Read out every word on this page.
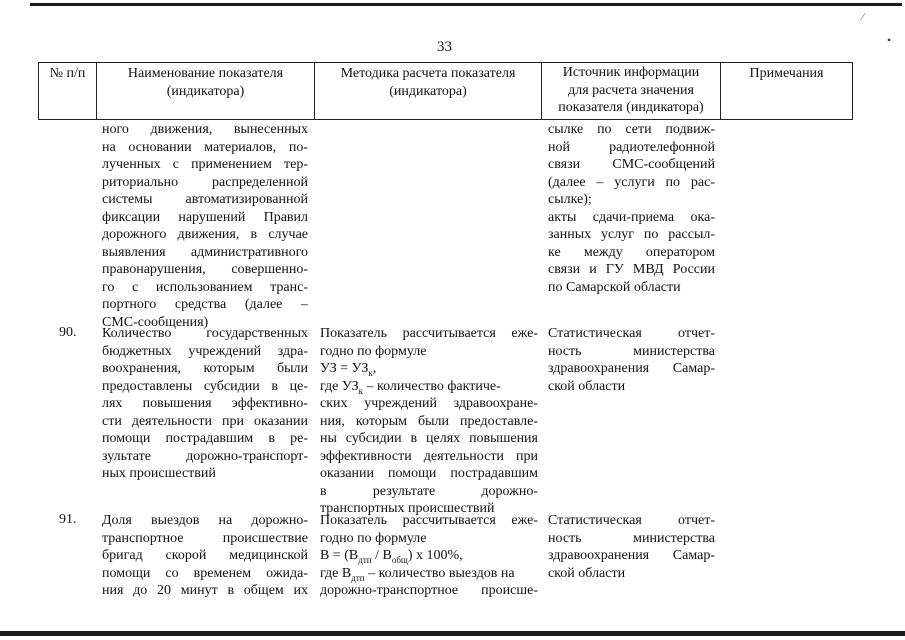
33
⁄
•
№ п/п	Наименование показателя
(индикатора)
Методика расчета показателя
(индикатора)
Источник информации
для расчета значения
показателя (индикатора)
Примечания
ного движения, вынесенных
на основании материалов, по-
лученных с применением тер-
риториально распределенной
системы автоматизированной
фиксации нарушений Правил
дорожного движения, в случае
выявления административного
правонарушения, совершенно-
го с использованием транс-
портного средства (далее –
СМС-сообщения)
сылке по сети подвиж-
ной радиотелефонной
связи СМС-сообщений
(далее – услуги по рас-
сылке);
акты сдачи-приема ока-
занных услуг по рассыл-
ке между оператором
связи и ГУ МВД России
по Самарской области
90. Количество государственных
бюджетных учреждений здра-
воохранения, которым были
предоставлены субсидии в це-
лях повышения эффективно-
сти деятельности при оказании
помощи пострадавшим в ре-
зультате дорожно-транспорт-
ных происшествий
Показатель рассчитывается еже-
годно по формуле
УЗ = $УЗ_к$,
где $УЗ_к$ – количество фактиче-
ских учреждений здравоохране-
ния, которым были предоставле-
ны субсидии в целях повышения
эффективности деятельности при
оказании помощи пострадавшим
в результате дорожно-
транспортных происшествий
Статистическая отчет-
ность министерства
здравоохранения Самар-
ской области
91. Доля выездов на дорожно-
транспортное происшествие
бригад скорой медицинской
помощи со временем ожида-
ния до 20 минут в общем их
Показатель рассчитывается еже-
годно по формуле
$В = (В_{дтп} / В_{общ})$ х 100%,
где $В_{дтп}$ – количество выездов на
дорожно-транспортное происше-
Статистическая отчет-
ность министерства
здравоохранения Самар-
ской области
